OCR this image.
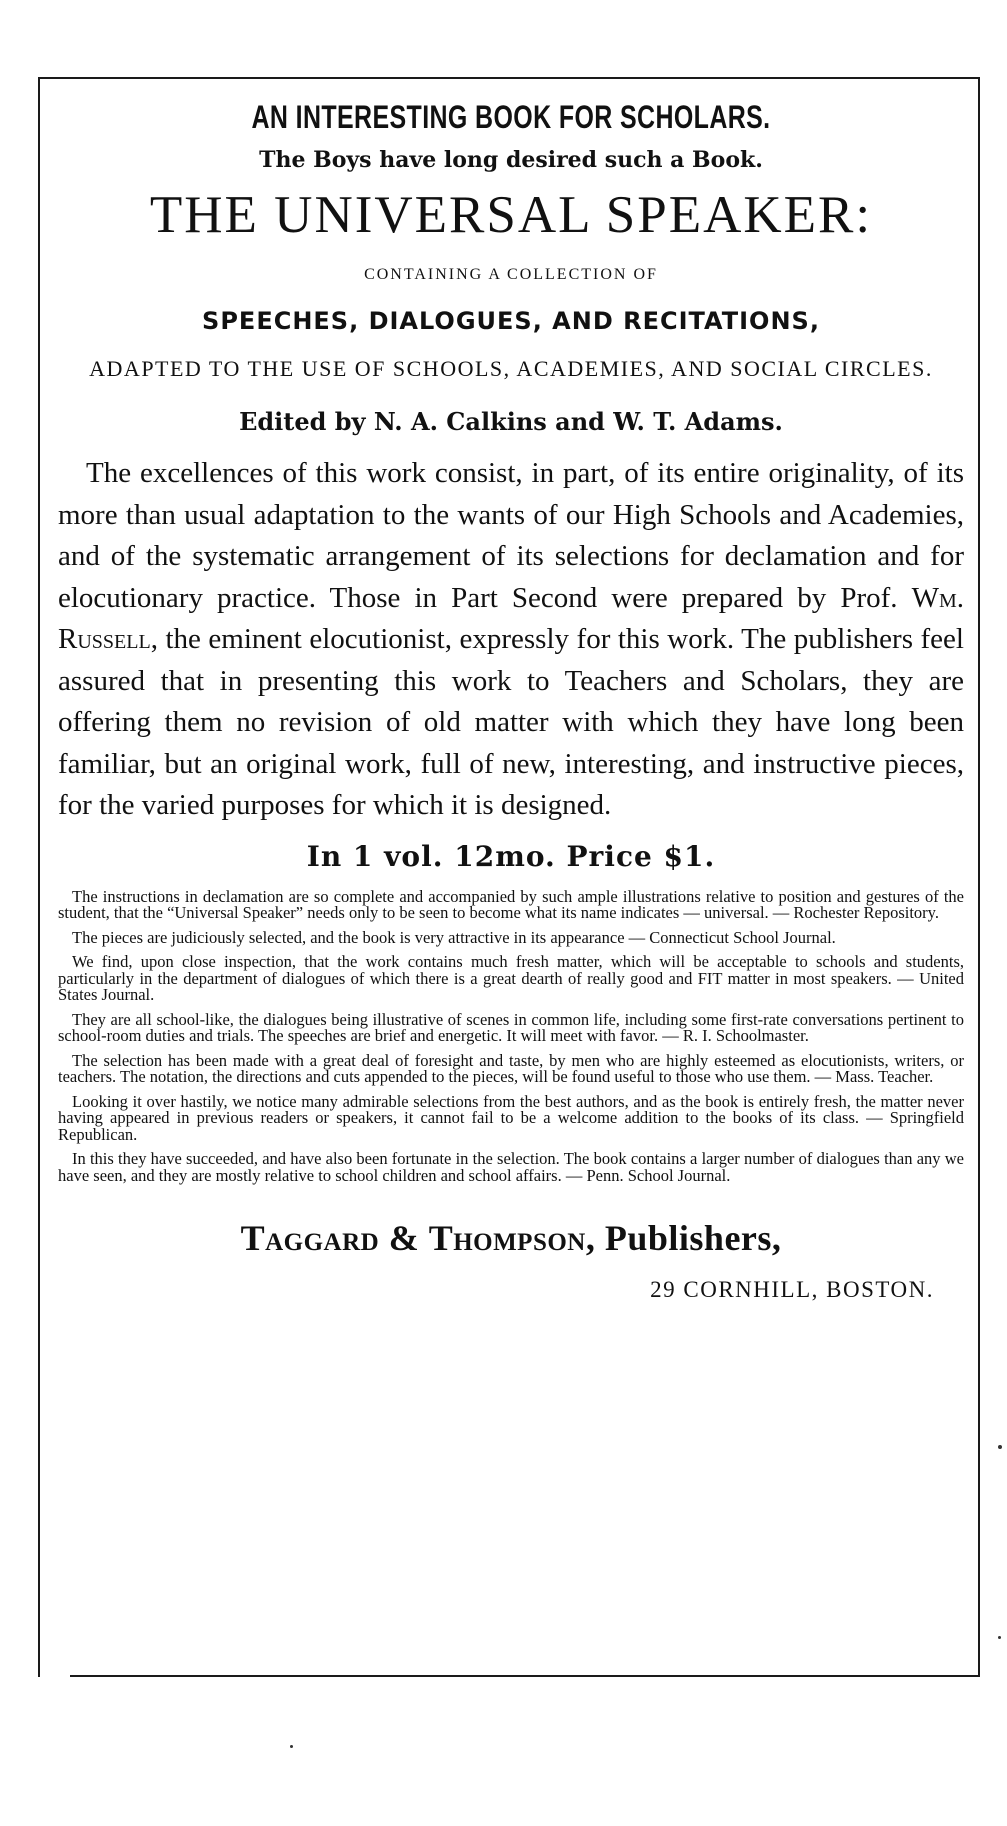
AN INTERESTING BOOK FOR SCHOLARS.
The Boys have long desired such a Book.
THE UNIVERSAL SPEAKER:
CONTAINING A COLLECTION OF
SPEECHES, DIALOGUES, AND RECITATIONS,
ADAPTED TO THE USE OF SCHOOLS, ACADEMIES, AND SOCIAL CIRCLES.
Edited by N. A. Calkins and W. T. Adams.

The excellences of this work consist, in part, of its entire originality, of its more than usual adaptation to the wants of our High Schools and Academies, and of the systematic arrangement of its selections for declamation and for elocutionary practice. Those in Part Second were prepared by Prof. Wm. Russell, the eminent elocutionist, expressly for this work. The publishers feel assured that in presenting this work to Teachers and Scholars, they are offering them no revision of old matter with which they have long been familiar, but an original work, full of new, interesting, and instructive pieces, for the varied purposes for which it is designed.

In 1 vol. 12mo. Price $1.

The instructions in declamation are so complete and accompanied by such ample illustrations relative to position and gestures of the student, that the “Universal Speaker” needs only to be seen to become what its name indicates — universal. — Rochester Repository.

The pieces are judiciously selected, and the book is very attractive in its appearance — Connecticut School Journal.

We find, upon close inspection, that the work contains much fresh matter, which will be acceptable to schools and students, particularly in the department of dialogues of which there is a great dearth of really good and FIT matter in most speakers. — United States Journal.

They are all school-like, the dialogues being illustrative of scenes in common life, including some first-rate conversations pertinent to school-room duties and trials. The speeches are brief and energetic. It will meet with favor. — R. I. Schoolmaster.

The selection has been made with a great deal of foresight and taste, by men who are highly esteemed as elocutionists, writers, or teachers. The notation, the directions and cuts appended to the pieces, will be found useful to those who use them. — Mass. Teacher.

Looking it over hastily, we notice many admirable selections from the best authors, and as the book is entirely fresh, the matter never having appeared in previous readers or speakers, it cannot fail to be a welcome addition to the books of its class. — Springfield Republican.

In this they have succeeded, and have also been fortunate in the selection. The book contains a larger number of dialogues than any we have seen, and they are mostly relative to school children and school affairs. — Penn. School Journal.

Taggard & Thompson, Publishers,
29 CORNHILL, BOSTON.
